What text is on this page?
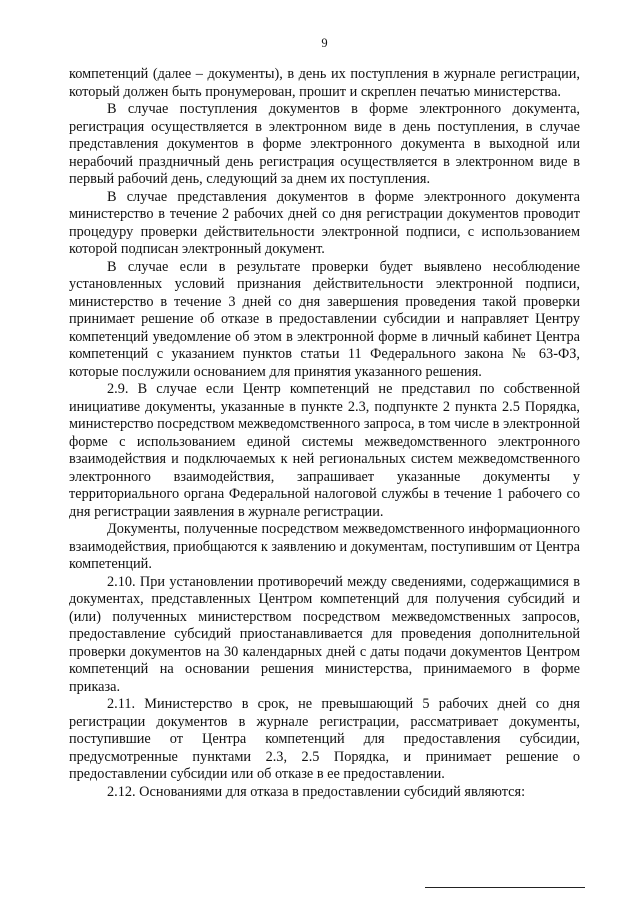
9

компетенций (далее – документы), в день их поступления в журнале регистрации, который должен быть пронумерован, прошит и скреплен печатью министерства.

В случае поступления документов в форме электронного документа, регистрация осуществляется в электронном виде в день поступления, в случае представления документов в форме электронного документа в выходной или нерабочий праздничный день регистрация осуществляется в электронном виде в первый рабочий день, следующий за днем их поступления.

В случае представления документов в форме электронного документа министерство в течение 2 рабочих дней со дня регистрации документов проводит процедуру проверки действительности электронной подписи, с использованием которой подписан электронный документ.

В случае если в результате проверки будет выявлено несоблюдение установленных условий признания действительности электронной подписи, министерство в течение 3 дней со дня завершения проведения такой проверки принимает решение об отказе в предоставлении субсидии и направляет Центру компетенций уведомление об этом в электронной форме в личный кабинет Центра компетенций с указанием пунктов статьи 11 Федерального закона № 63-ФЗ, которые послужили основанием для принятия указанного решения.

2.9. В случае если Центр компетенций не представил по собственной инициативе документы, указанные в пункте 2.3, подпункте 2 пункта 2.5 Порядка, министерство посредством межведомственного запроса, в том числе в электронной форме с использованием единой системы межведомственного электронного взаимодействия и подключаемых к ней региональных систем межведомственного электронного взаимодействия, запрашивает указанные документы у территориального органа Федеральной налоговой службы в течение 1 рабочего со дня регистрации заявления в журнале регистрации.

Документы, полученные посредством межведомственного информационного взаимодействия, приобщаются к заявлению и документам, поступившим от Центра компетенций.

2.10. При установлении противоречий между сведениями, содержащимися в документах, представленных Центром компетенций для получения субсидий и (или) полученных министерством посредством межведомственных запросов, предоставление субсидий приостанавливается для проведения дополнительной проверки документов на 30 календарных дней с даты подачи документов Центром компетенций на основании решения министерства, принимаемого в форме приказа.

2.11. Министерство в срок, не превышающий 5 рабочих дней со дня регистрации документов в журнале регистрации, рассматривает документы, поступившие от Центра компетенций для предоставления субсидии, предусмотренные пунктами 2.3, 2.5 Порядка, и принимает решение о предоставлении субсидии или об отказе в ее предоставлении.

2.12. Основаниями для отказа в предоставлении субсидий являются:
